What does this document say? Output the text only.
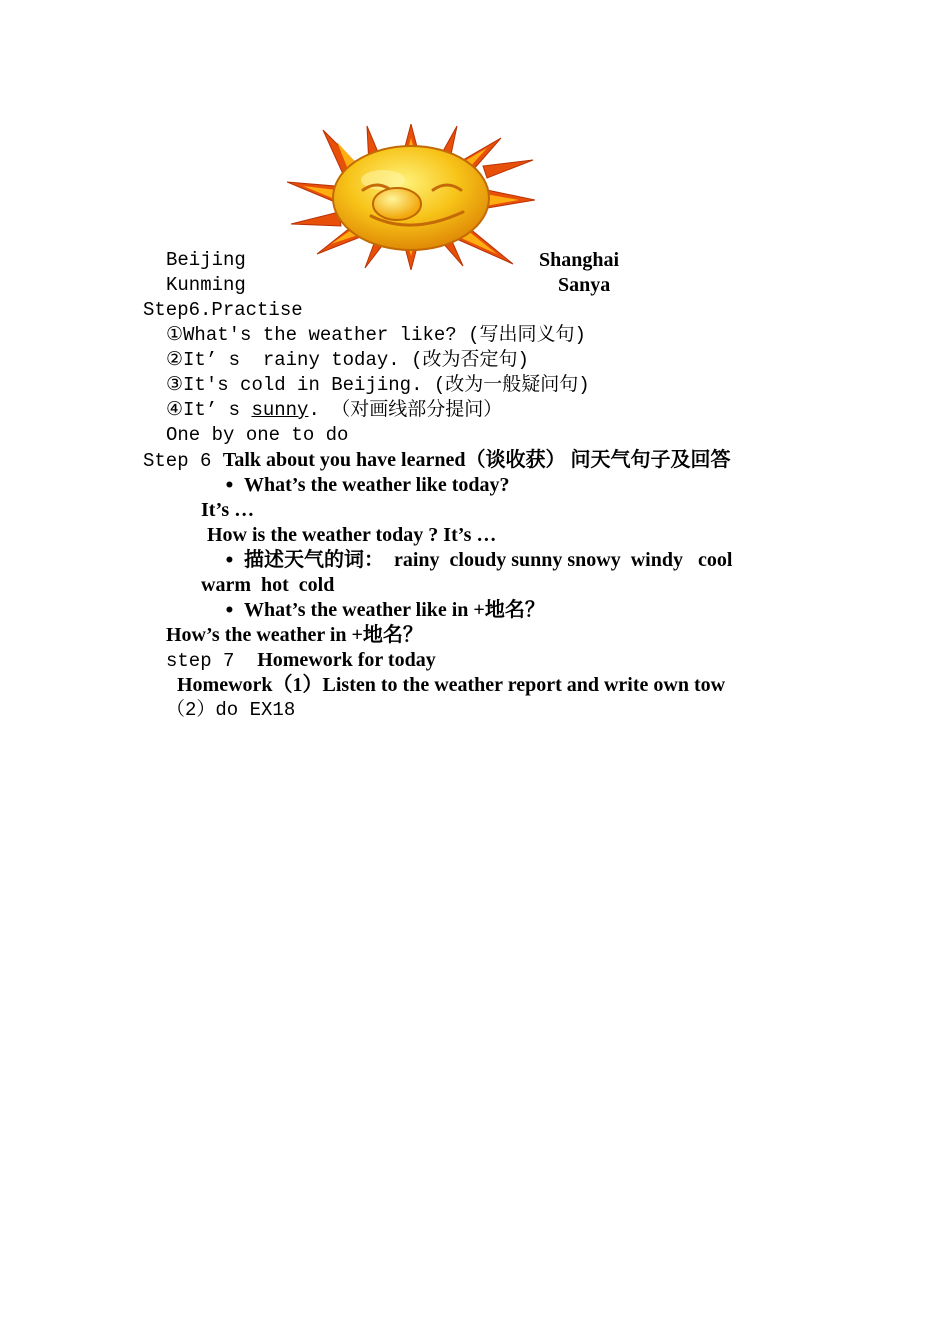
Beijing	Shanghai
Kunming	Sanya
Step6.Practise
①What's the weather like? (写出同义句)
②It’ s  rainy today. (改为否定句)
③It's cold in Beijing. (改为一般疑问句)
④It’ s sunny. （对画线部分提问）
One by one to do
Step 6 Talk about you have learned（谈收获） 问天气句子及回答
• What’s the weather like today?
It’s …
How is the weather today ? It’s …
• 描述天气的词：  rainy  cloudy sunny snowy  windy   cool
warm  hot  cold
• What’s the weather like in +地名？
How’s the weather in +地名？
step 7  Homework for today
Homework（1）Listen to the weather report and write own tow
（2）do EX18
